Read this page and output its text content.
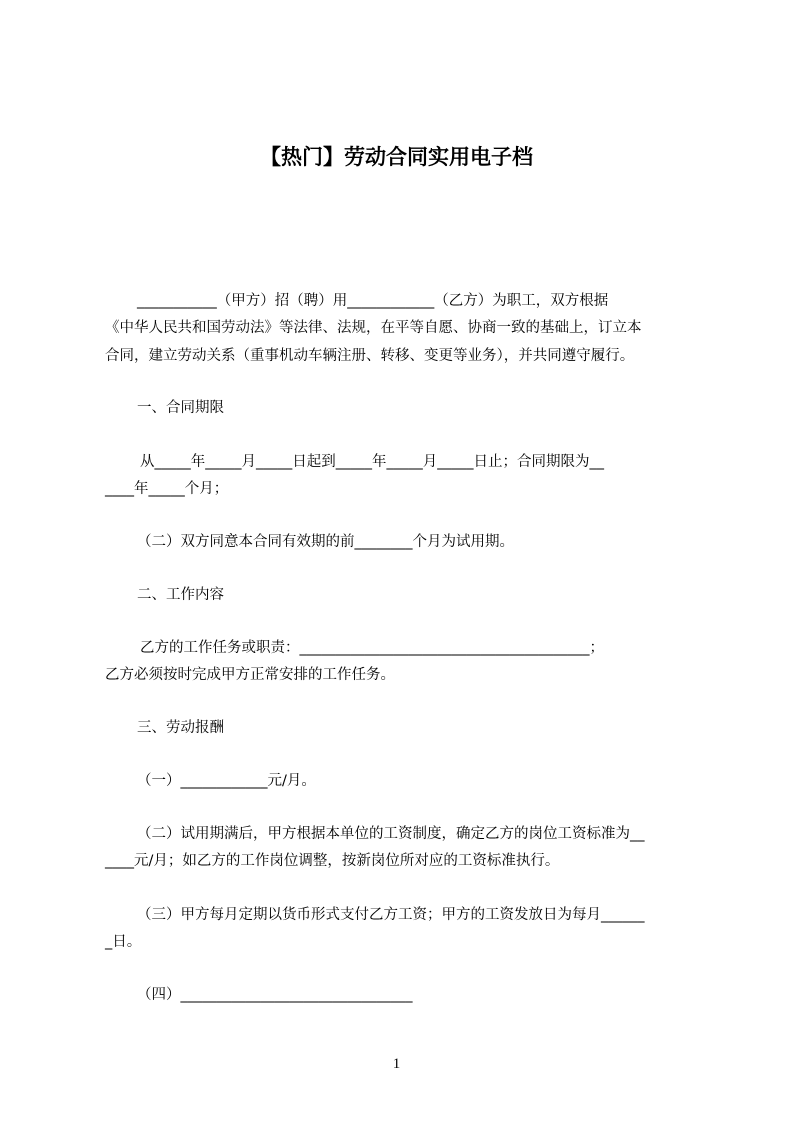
【热门】劳动合同实用电子档

___________（甲方）招（聘）用____________（乙方）为职工，双方根据

《中华人民共和国劳动法》等法律、法规，在平等自愿、协商一致的基础上，订立本

合同，建立劳动关系（重事机动车辆注册、转移、变更等业务），并共同遵守履行。

一、合同期限

从_____年_____月_____日起到_____年_____月_____日止；合同期限为__

____年_____个月；

（二）双方同意本合同有效期的前________个月为试用期。

二、工作内容

乙方的工作任务或职责：________________________________________；

乙方必须按时完成甲方正常安排的工作任务。

三、劳动报酬

（一）____________元/月。

（二）试用期满后，甲方根据本单位的工资制度，确定乙方的岗位工资标准为__

____元/月；如乙方的工作岗位调整，按新岗位所对应的工资标准执行。

（三）甲方每月定期以货币形式支付乙方工资；甲方的工资发放日为每月______

_日。

（四）________________________________

1
